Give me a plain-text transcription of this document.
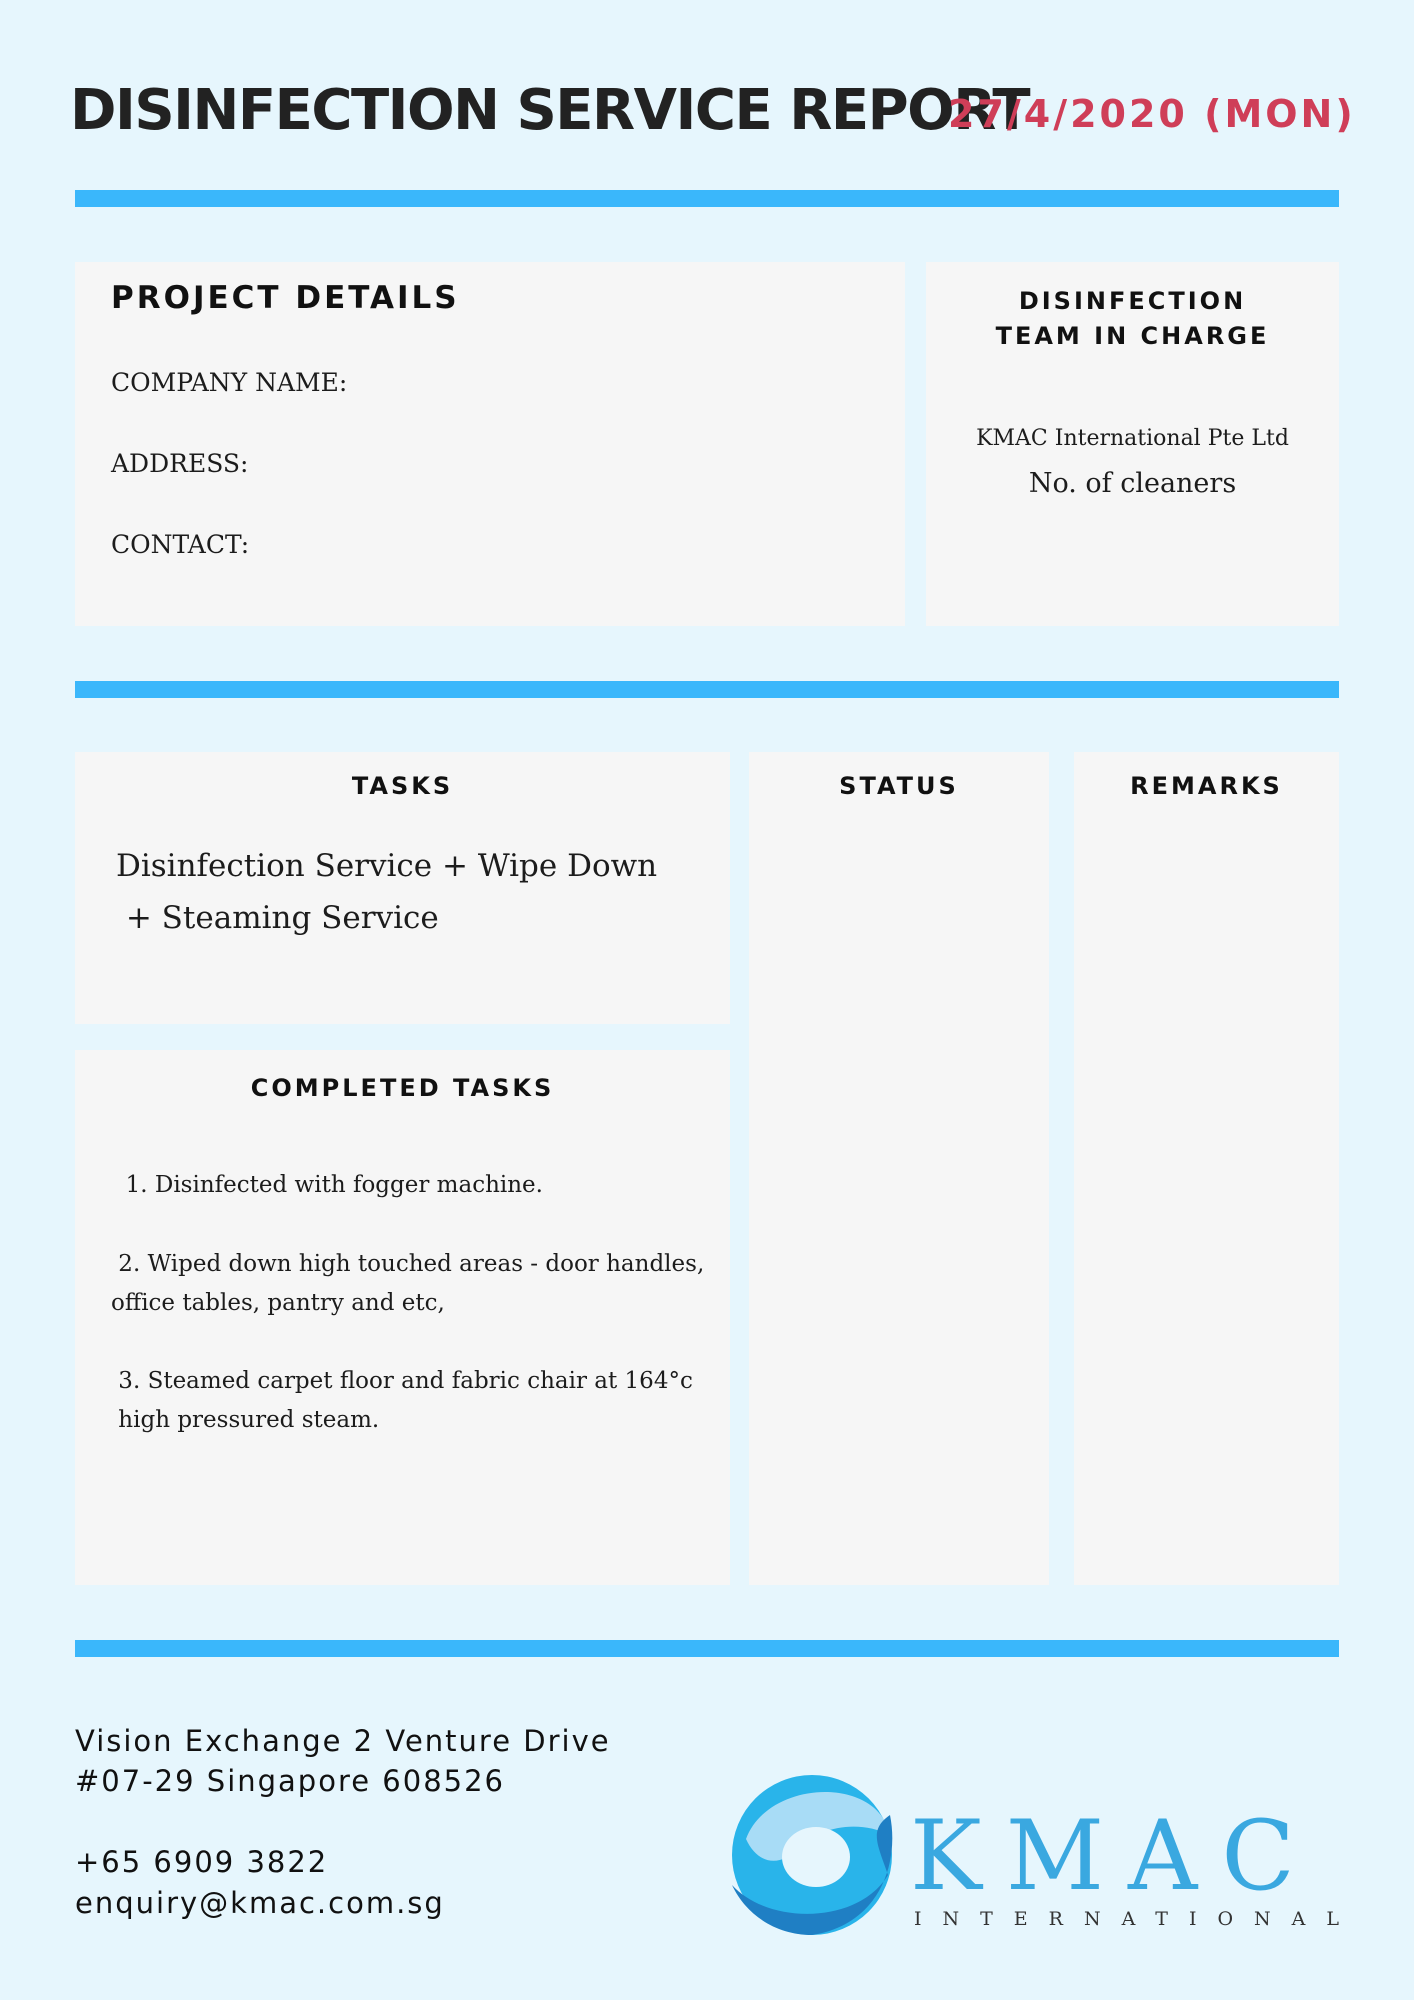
DISINFECTION SERVICE REPORT
27/4/2020 (MON)
PROJECT DETAILS
COMPANY NAME:
ADDRESS:
CONTACT:
DISINFECTION
TEAM IN CHARGE
KMAC International Pte Ltd
No. of cleaners
TASKS
Disinfection Service + Wipe Down
+ Steaming Service
COMPLETED TASKS
1. Disinfected with fogger machine.
2. Wiped down high touched areas - door handles,
office tables, pantry and etc,
3. Steamed carpet floor and fabric chair at 164°c
high pressured steam.
STATUS	REMARKS
Vision Exchange 2 Venture Drive
#07-29 Singapore 608526
+65 6909 3822
enquiry@kmac.com.sg	KMAC
INTERNATIONAL
